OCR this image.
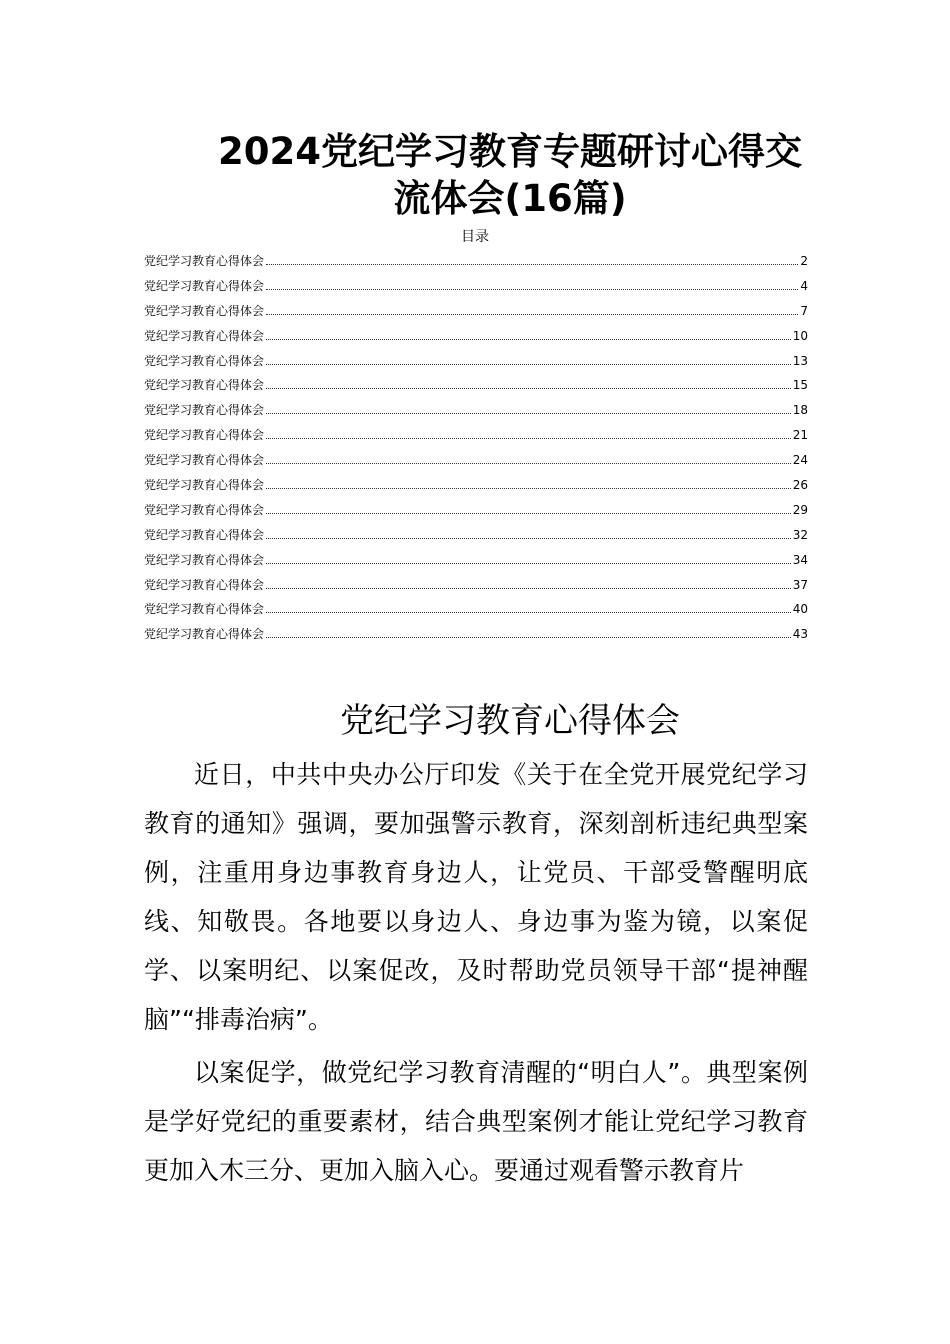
2024党纪学习教育专题研讨心得交
流体会(16篇)
目录
党纪学习教育心得体会	2
党纪学习教育心得体会	4
党纪学习教育心得体会	7
党纪学习教育心得体会	10
党纪学习教育心得体会	13
党纪学习教育心得体会	15
党纪学习教育心得体会	18
党纪学习教育心得体会	21
党纪学习教育心得体会	24
党纪学习教育心得体会	26
党纪学习教育心得体会	29
党纪学习教育心得体会	32
党纪学习教育心得体会	34
党纪学习教育心得体会	37
党纪学习教育心得体会	40
党纪学习教育心得体会	43
党纪学习教育心得体会

近日，中共中央办公厅印发《关于在全党开展党纪学习教育的通知》强调，要加强警示教育，深刻剖析违纪典型案例，注重用身边事教育身边人，让党员、干部受警醒明底线、知敬畏。各地要以身边人、身边事为鉴为镜，以案促学、以案明纪、以案促改，及时帮助党员领导干部“提神醒脑”“排毒治病”。

以案促学，做党纪学习教育清醒的“明白人”。典型案例是学好党纪的重要素材，结合典型案例才能让党纪学习教育更加入木三分、更加入脑入心。要通过观看警示教育片
